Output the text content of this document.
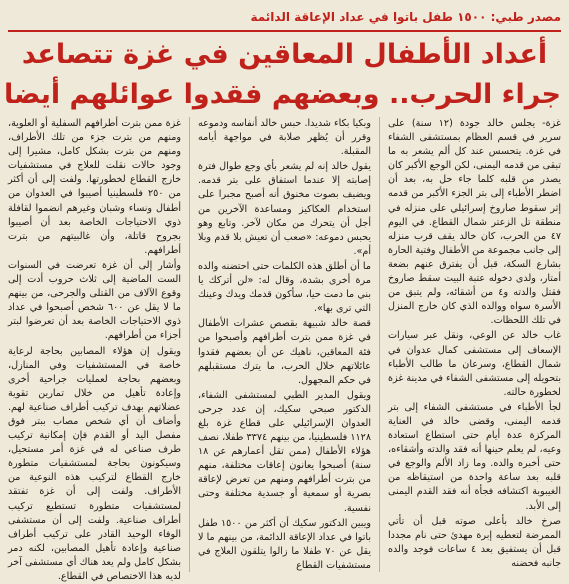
مصدر طبي: ١٥٠٠ طفل باتوا في عداد الإعاقة الدائمة
أعداد الأطفال المعاقين في غزة تتصاعد
جراء الحرب.. وبعضهم فقدوا عوائلهم أيضا

غزة- يجلس خالد جودة (١٢ سنة) على سرير في قسم العظام بمستشفى الشفاء في غزة. يتحسس عند كل ألم يشعر به ما تبقى من قدمه اليمنى، لكن الوجع الأكبر كان يصدر من قلبه كلما جاء حل به، بعد أن اضطر الأطباء إلى بتر الجزء الأكبر من قدمه إثر سقوط صاروخ إسرائيلي على منزله في منطقة تل الزعتر شمال القطاع. في اليوم ٤٧ من الحرب، كان خالد يقف قرب منزله إلى جانب مجموعة من الأطفال وفتية الحارة بشارع السكة، قبل أن يفترق عنهم بضعة أمتار، ولدى دخوله عتبة البيت سقط صاروخ فقتل والدته و٤ من أشقائه، ولم يتبق من الأسرة سواه ووالده الذي كان خارج المنزل في تلك اللحظات.

غاب خالد عن الوعي، ونقل عبر سيارات الإسعاف إلى مستشفى كمال عدوان في شمال القطاع، وسرعان ما طالب الأطباء بتحويله إلى مستشفى الشفاء في مدينة غزة لخطورة حالته.

لجأ الأطباء في مستشفى الشفاء إلى بتر قدمه اليمنى، وقضى خالد في العناية المركزة عدة أيام حتى استطاع استعادة وعيه، لم يعلم حينها أنه فقد والدته وأشقاءه، حتى أخبره والده. وما زاد الألم والوجع في قلبه بعد ساعة واحدة من استيقاظه من الغيبوبة اكتشافه فجأة أنه فقد القدم اليمنى إلى الأبد.

صرخ خالد بأعلى صوته قبل أن تأتي الممرضة لتعطيه إبرة مهدئ حتى نام مجددا قبل أن يستفيق بعد ٤ ساعات فوجد والده جانبه فحضنه

وبكيا بكاء شديدا. حبس خالد أنفاسه ودموعه وقرر أن يُظهر صلابة في مواجهة أيامه المقبلة.

يقول خالد إنه لم يشعر بأي وجع طوال فترة إصابته إلا عندما استفاق على بتر قدمه. ويضيف بصوت مخنوق أنه أصبح مجبرا على استخدام العكاكيز ومساعدة الآخرين من أجل أن يتحرك من مكان لآخر. وتابع وهو يحبس دموعه: «صعب أن تعيش بلا قدم وبلا أم».

ما أن أطلق هذه الكلمات حتى احتضنه والده مرة أخرى بشدة، وقال له: «لن أتركك يا بني ما دمت حيا، سأكون قدمك ويدك وعينك التي ترى بها».

قصة خالد شبيهة بقصص عشرات الأطفال في غزة ممن بترت أطرافهم وأصبحوا من فئة المعاقين، ناهيك عن أن بعضهم فقدوا عائلاتهم خلال الحرب، ما يترك مستقبلهم في حكم المجهول.

ويقول المدير الطبي لمستشفى الشفاء، الدكتور صبحي سكيك، إن عدد جرحى العدوان الإسرائيلي على قطاع غزة بلغ ١١٢٨ فلسطينيا، من بينهم ٣٣٧٤ طفلا، نصف هؤلاء الأطفال (ممن تقل أعمارهم عن ١٨ سنة) أصبحوا يعانون إعاقات مختلفة، منهم من بترت أطرافهم ومنهم من تعرض لإعاقة بصرية أو سمعية أو جسدية مختلفة وحتى نفسية.

ويبين الدكتور سكيك أن أكثر من ١٥٠٠ طفل باتوا في عداد الإعاقة الدائمة، من بينهم ما لا يقل عن ٧٠ طفلا ما زالوا يتلقون العلاج في مستشفيات القطاع

غزة ممن بترت أطرافهم السفلية أو العلوية، ومنهم من بترت جزء من تلك الأطراف، ومنهم من بترت بشكل كامل، مشيرا إلى وجود حالات نقلت للعلاج في مستشفيات خارج القطاع لخطورتها. ولفت إلى أن أكثر من ٢٥٠ فلسطينيا أصيبوا في العدوان من أطفال ونساء وشبان وغيرهم انضموا لقافلة ذوي الاحتياجات الخاصة بعد أن أصيبوا بجروح قاتلة، وأن غالبيتهم من بترت أطرافهم.

وأشار إلى أن غزة تعرضت في السنوات الست الماضية إلى ثلاث حروب أدت إلى وقوع الآلاف من القتلى والجرحى، من بينهم ما لا يقل عن ٦٠٠ شخص أصبحوا في عداد ذوي الاحتياجات الخاصة بعد أن تعرضوا لبتر أجزاء من أطرافهم.

ويقول إن هؤلاء المصابين بحاجة لرعاية خاصة في المستشفيات وفي المنازل، وبعضهم بحاجة لعمليات جراحية أخرى وإعادة تأهيل من خلال تمارين تقوية عضلاتهم بهدف تركيب أطراف صناعية لهم. وأضاف أن أي شخص مصاب ببتر فوق مفصل اليد أو القدم فإن إمكانية تركيب طرف صناعي له في غزة أمر مستحيل، وسيكونون بحاجة لمستشفيات متطورة خارج القطاع لتركيب هذه النوعية من الأطراف. ولفت إلى أن غزة تفتقد لمستشفيات متطورة تستطيع تركيب أطراف صناعية. ولفت إلى أن مستشفى الوفاء الوحيد القادر على تركيب أطراف صناعية وإعادة تأهيل المصابين، لكنه دمر بشكل كامل ولم يعد هناك أي مستشفى آخر لديه هذا الاختصاص في القطاع.
